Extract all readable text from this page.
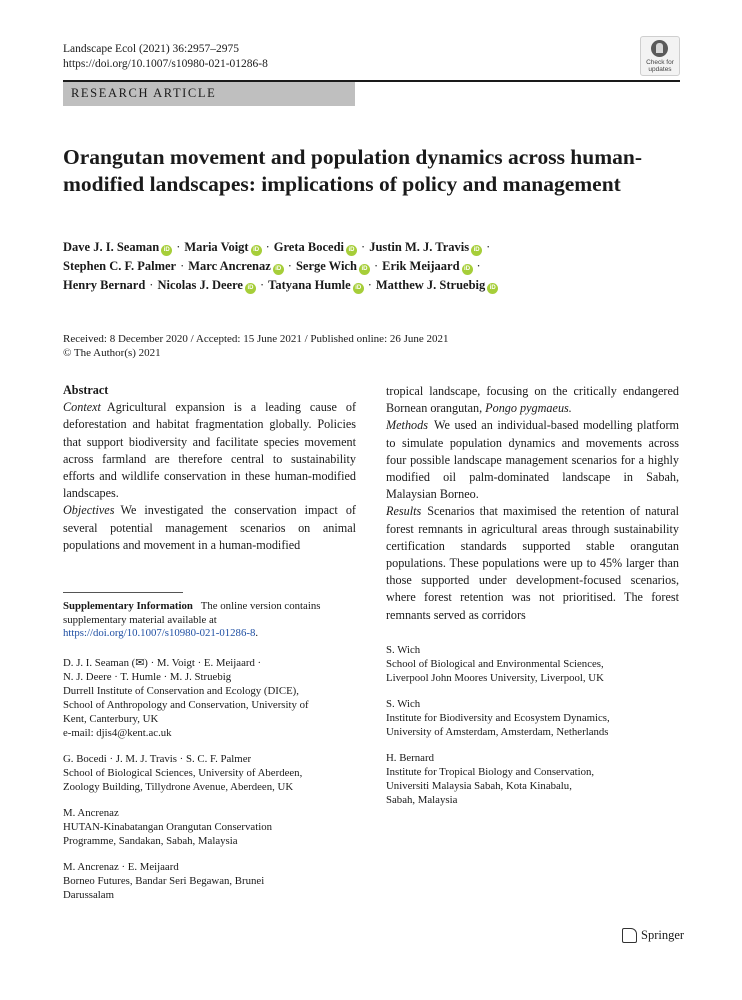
Landscape Ecol (2021) 36:2957–2975
https://doi.org/10.1007/s10980-021-01286-8	Check for
updates
RESEARCH ARTICLE
Orangutan movement and population dynamics across human-modified landscapes: implications of policy and management
Dave J. I. Seaman iD · Maria Voigt iD · Greta Bocedi iD · Justin M. J. Travis iD ·
Stephen C. F. Palmer · Marc Ancrenaz iD · Serge Wich iD · Erik Meijaard iD ·
Henry Bernard · Nicolas J. Deere iD · Tatyana Humle iD · Matthew J. Struebig iD
Received: 8 December 2020 / Accepted: 15 June 2021 / Published online: 26 June 2021
© The Author(s) 2021

Abstract

Context Agricultural expansion is a leading cause of deforestation and habitat fragmentation globally. Policies that support biodiversity and facilitate species movement across farmland are therefore central to sustainability efforts and wildlife conservation in these human-modified landscapes.

Objectives We investigated the conservation impact of several potential management scenarios on animal populations and movement in a human-modified

tropical landscape, focusing on the critically endangered Bornean orangutan, Pongo pygmaeus.

Methods We used an individual-based modelling platform to simulate population dynamics and movements across four possible landscape management scenarios for a highly modified oil palm-dominated landscape in Sabah, Malaysian Borneo.

Results Scenarios that maximised the retention of natural forest remnants in agricultural areas through sustainability certification standards supported stable orangutan populations. These populations were up to 45% larger than those supported under development-focused scenarios, where forest retention was not prioritised. The forest remnants served as corridors

Supplementary Information The online version contains supplementary material available at https://doi.org/10.1007/s10980-021-01286-8.
D. J. I. Seaman (✉) · M. Voigt · E. Meijaard ·
N. J. Deere · T. Humle · M. J. Struebig
Durrell Institute of Conservation and Ecology (DICE),
School of Anthropology and Conservation, University of
Kent, Canterbury, UK
e-mail: djis4@kent.ac.uk
G. Bocedi · J. M. J. Travis · S. C. F. Palmer
School of Biological Sciences, University of Aberdeen,
Zoology Building, Tillydrone Avenue, Aberdeen, UK
M. Ancrenaz
HUTAN-Kinabatangan Orangutan Conservation
Programme, Sandakan, Sabah, Malaysia
M. Ancrenaz · E. Meijaard
Borneo Futures, Bandar Seri Begawan, Brunei
Darussalam
S. Wich
School of Biological and Environmental Sciences,
Liverpool John Moores University, Liverpool, UK
S. Wich
Institute for Biodiversity and Ecosystem Dynamics,
University of Amsterdam, Amsterdam, Netherlands
H. Bernard
Institute for Tropical Biology and Conservation,
Universiti Malaysia Sabah, Kota Kinabalu,
Sabah, Malaysia
Springer
